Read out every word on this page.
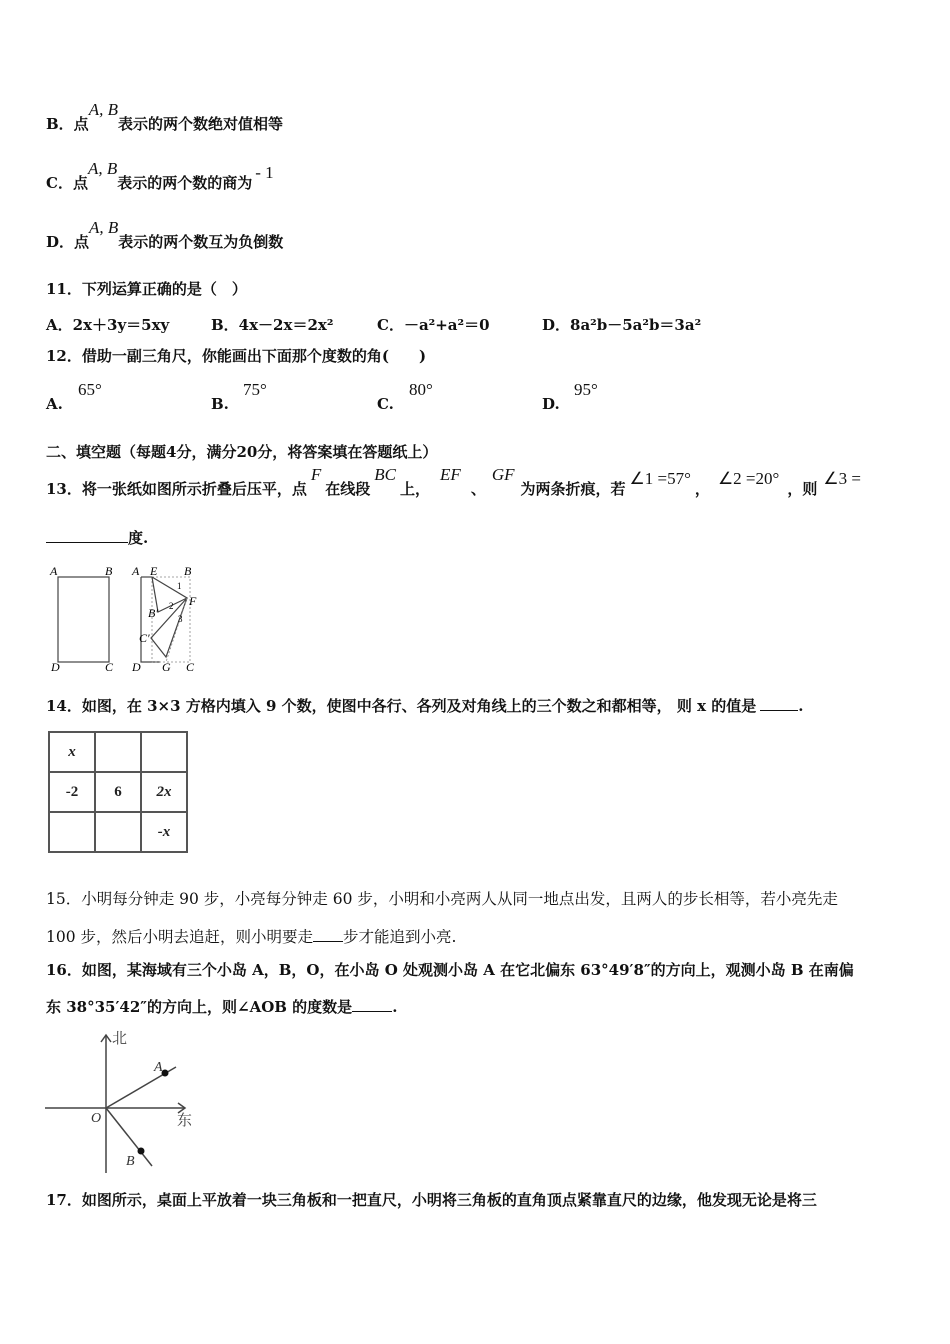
B．点A, B表示的两个数绝对值相等
C．点A, B表示的两个数的商为- 1
D．点A, B表示的两个数互为负倒数
11．下列运算正确的是（　）
A．2x＋3y＝5xy	B．4x－2x＝2x²	C．－a²+a²＝0	D．8a²b－5a²b＝3a²
12．借助一副三角尺，你能画出下面那个度数的角(　　)
A.
65°
B.
75°
C.
80°
D.
95°
二、填空题（每题4分，满分20分，将答案填在答题纸上）
13．将一张纸如图所示折叠后压平，点F在线段BC上，EF、GF为两条折痕，若∠1 =57°，∠2 =20°，则∠3 =
度.
A	B
D	C
A E B
B′
F
C′
D G C
1
2
3
14．如图，在 3×3 方格内填入 9 个数，使图中各行、各列及对角线上的三个数之和都相等， 则 x 的值是	.
x		
-2	6	2x
		-x
15．小明每分钟走 90 步，小亮每分钟走 60 步，小明和小亮两人从同一地点出发，且两人的步长相等，若小亮先走
100 步，然后小明去追赶，则小明要走 步才能追到小亮.
16．如图，某海域有三个小岛 A，B，O，在小岛 O 处观测小岛 A 在它北偏东 63°49′8″的方向上，观测小岛 B 在南偏
东 38°35′42″的方向上，则∠AOB 的度数是	.
北
东
O
A
B
17．如图所示，桌面上平放着一块三角板和一把直尺，小明将三角板的直角顶点紧靠直尺的边缘，他发现无论是将三
